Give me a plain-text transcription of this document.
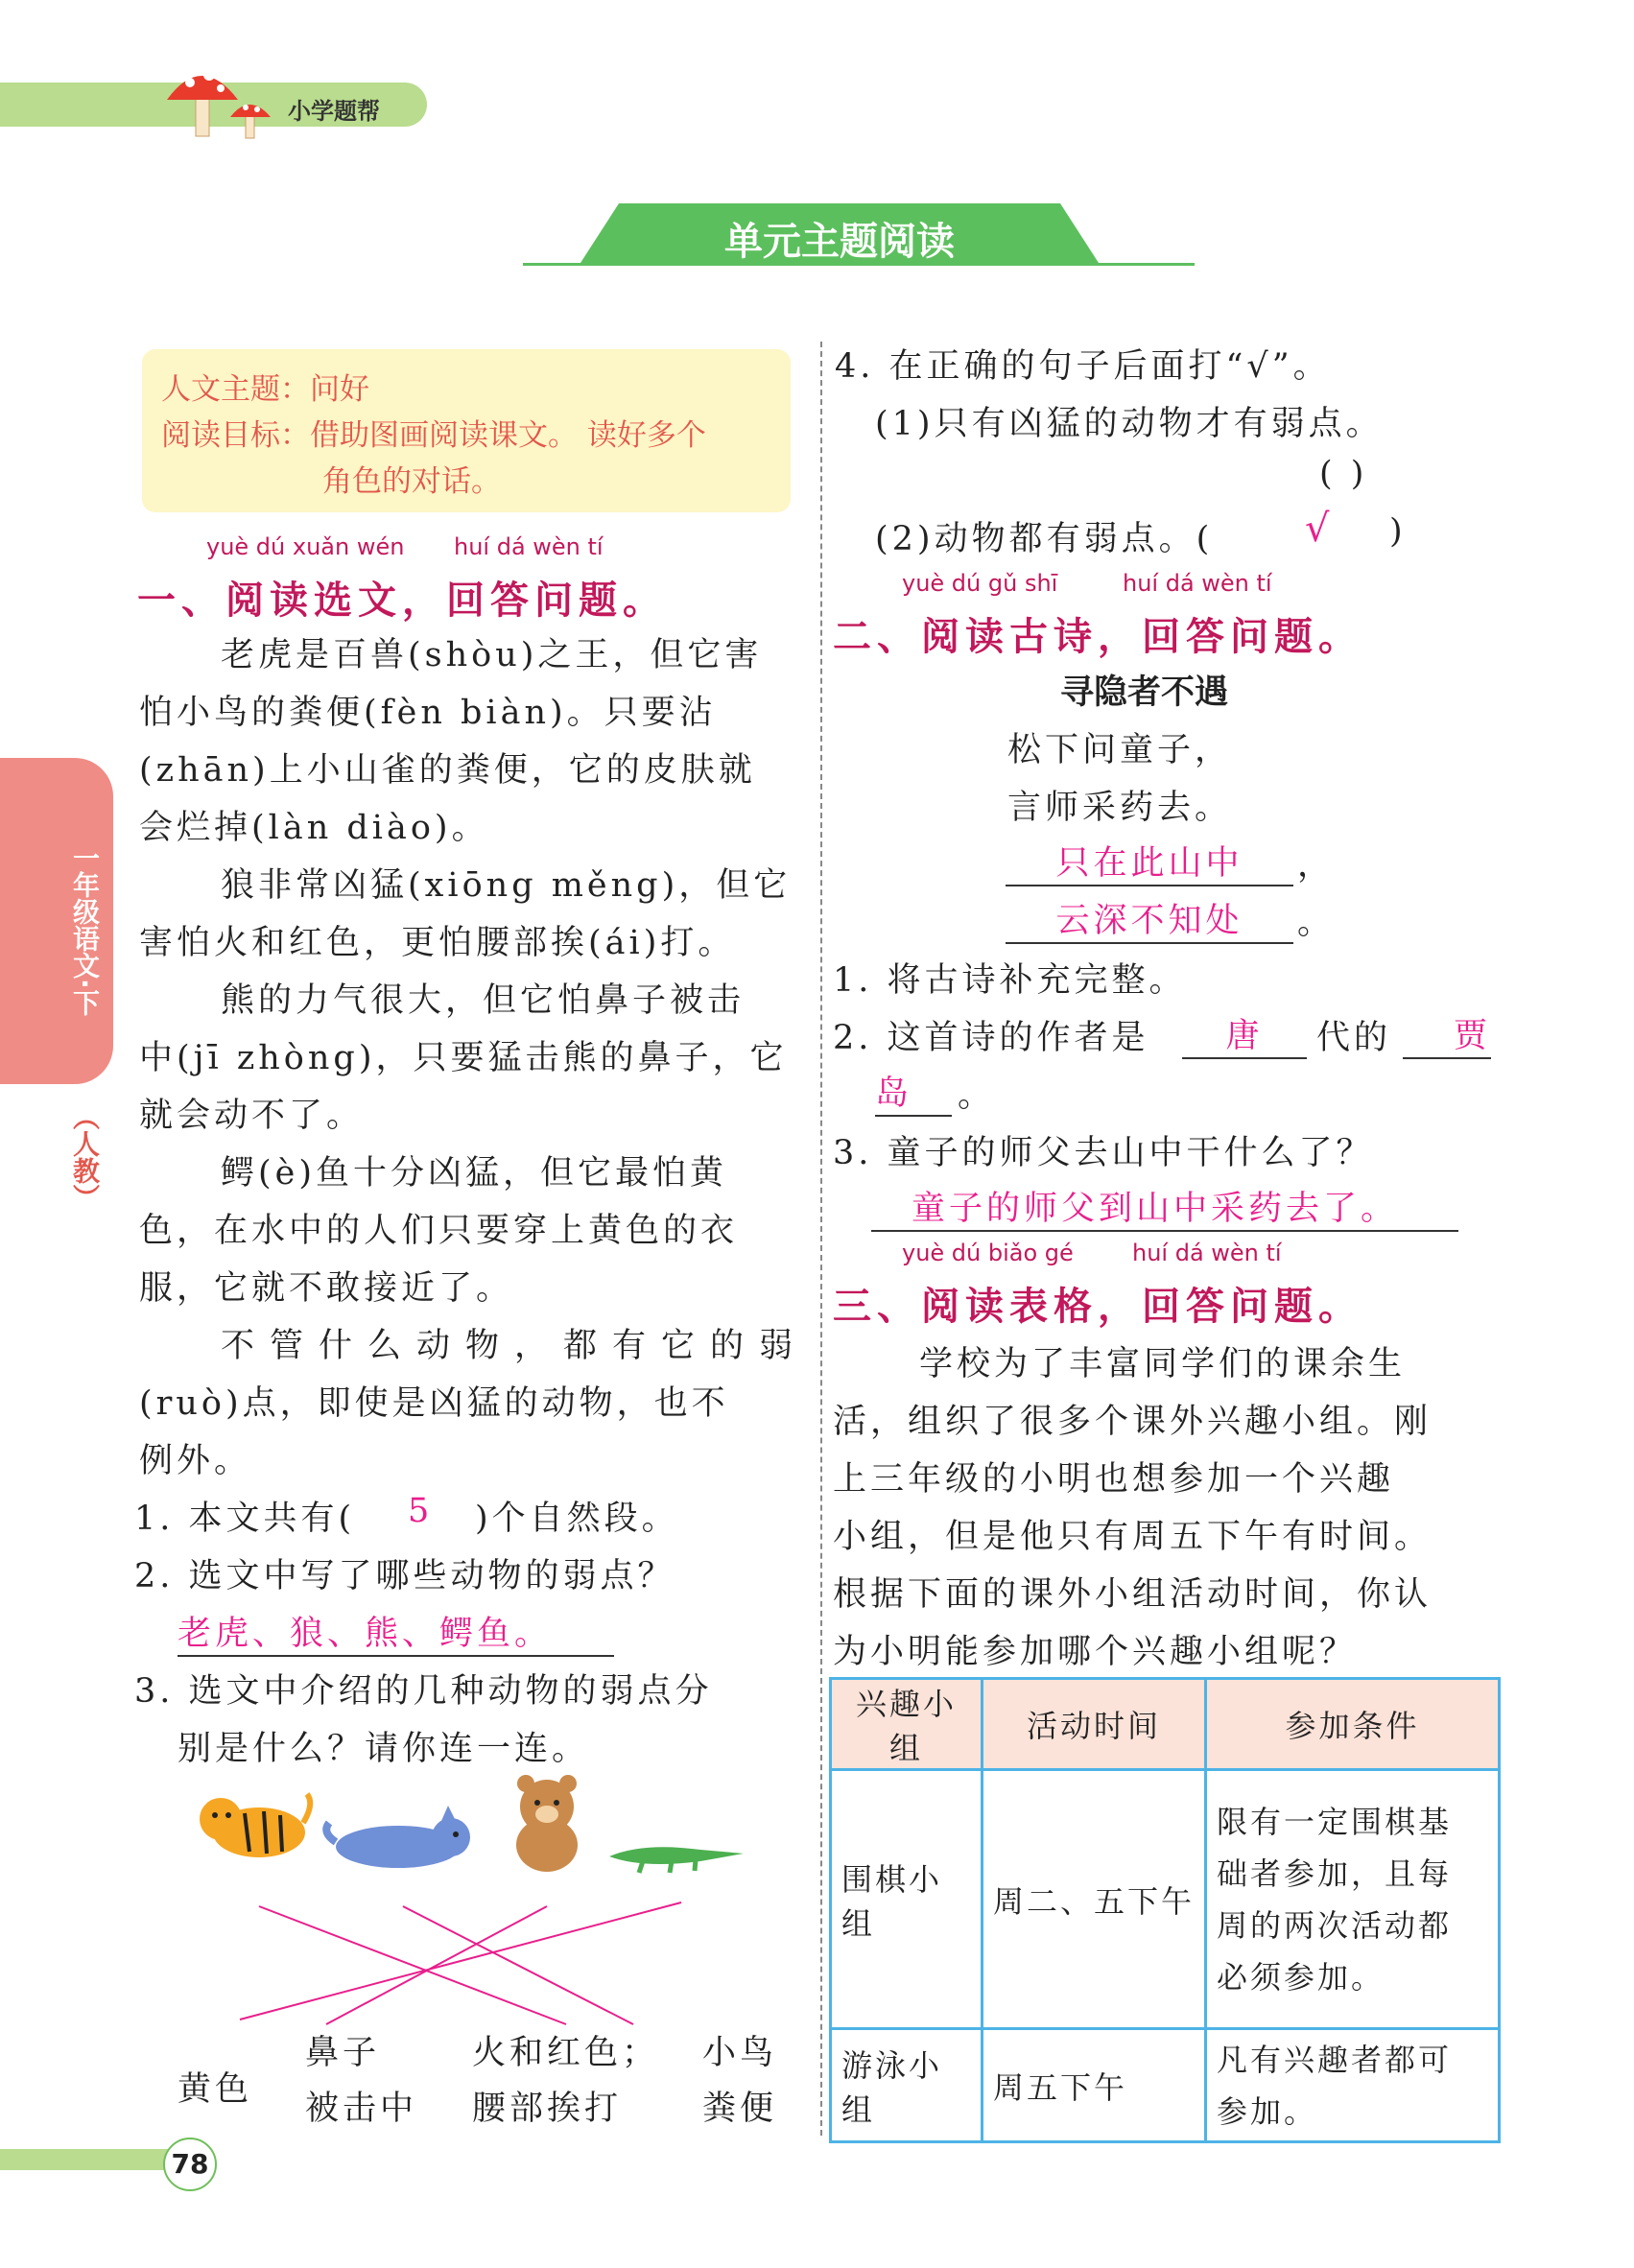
小学题帮
单元主题阅读
一年级语文·下
（人教）

人文主题：问好

阅读目标：借助图画阅读课文。 读好多个

角色的对话。

yuè dú xuǎn wén huí dá wèn tí
一、阅读选文，回答问题。
老虎是百兽(shòu)之王，但它害
怕小鸟的粪便(fèn biàn)。只要沾
(zhān)上小山雀的粪便，它的皮肤就
会烂掉(làn diào)。
狼非常凶猛(xiōng měng)，但它
害怕火和红色，更怕腰部挨(ái)打。
熊的力气很大，但它怕鼻子被击
中(jī zhòng)，只要猛击熊的鼻子，它
就会动不了。
鳄(è)鱼十分凶猛，但它最怕黄
色，在水中的人们只要穿上黄色的衣
服，它就不敢接近了。
不管什么动物，都有它的弱
(ruò)点，即使是凶猛的动物，也不
例外。
1. 本文共有( 5 )个自然段。
2. 选文中写了哪些动物的弱点？
老虎、狼、熊、鳄鱼。
3. 选文中介绍的几种动物的弱点分
别是什么？请你连一连。
黄色
鼻子
被击中
火和红色；
腰部挨打
小鸟
粪便
4. 在正确的句子后面打“√”。
(1)只有凶猛的动物才有弱点。
( )
(2)动物都有弱点。( √ )
yuè dú gǔ shī	huí dá wèn tí
二、阅读古诗，回答问题。
寻隐者不遇
松下问童子，
言师采药去。
只在此山中	，
云深不知处	。
1. 将古诗补充完整。
2. 这首诗的作者是	唐	代的	贾
岛	。
3. 童子的师父去山中干什么了？
童子的师父到山中采药去了。
yuè dú biǎo gé	huí dá wèn tí
三、阅读表格，回答问题。
学校为了丰富同学们的课余生
活，组织了很多个课外兴趣小组。刚
上三年级的小明也想参加一个兴趣
小组，但是他只有周五下午有时间。
根据下面的课外小组活动时间，你认
为小明能参加哪个兴趣小组呢？
兴趣小组	活动时间	参加条件
围棋小组	周二、五下午	限有一定围棋基
础者参加，且每
周的两次活动都
必须参加。

游泳小组	周五下午	凡有兴趣者都可
参加。
78
